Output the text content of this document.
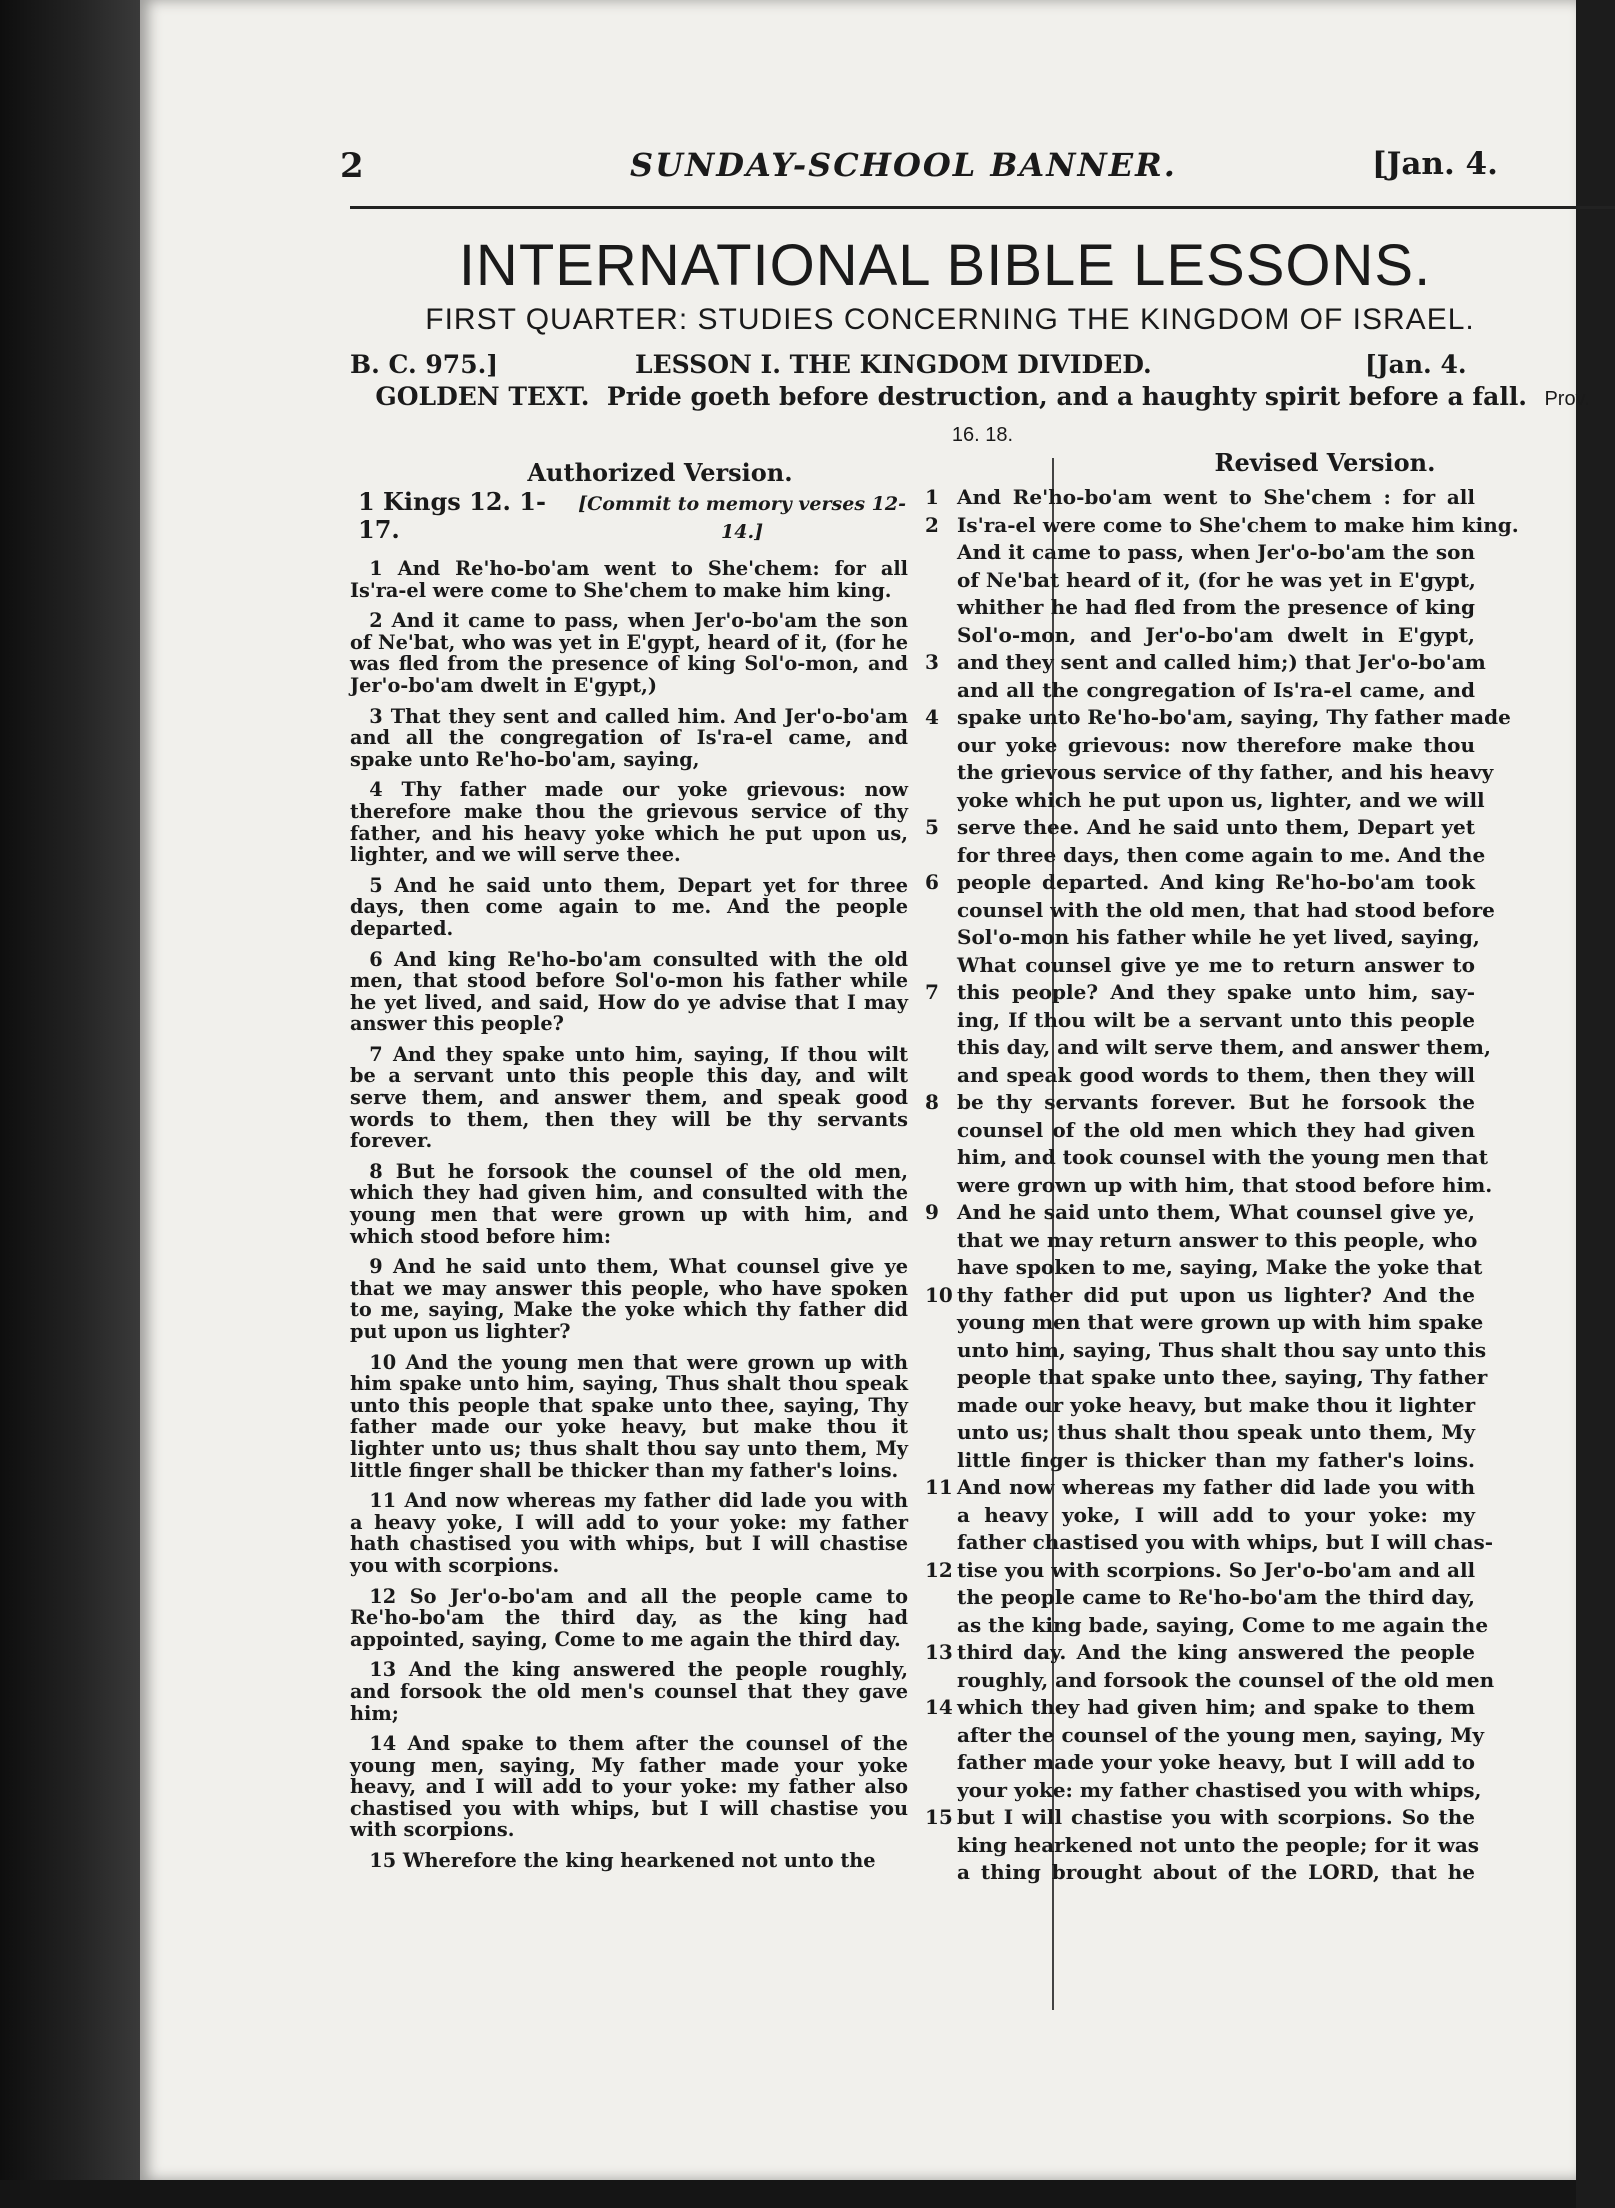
2	SUNDAY-SCHOOL BANNER.	[Jan. 4.
INTERNATIONAL BIBLE LESSONS.
FIRST QUARTER: STUDIES CONCERNING THE KINGDOM OF ISRAEL.
B. C. 975.]	LESSON I. THE KINGDOM DIVIDED.	[Jan. 4.
GOLDEN TEXT. Pride goeth before destruction, and a haughty spirit before a fall. Prov. 16. 18.
Authorized Version.	Revised Version.
1 Kings 12. 1-17.
[Commit to memory verses 12-14.]

 1 And Re'ho-bo'am went to She'chem: for all Is'ra-el were come to She'chem to make him king.

 2 And it came to pass, when Jer'o-bo'am the son of Ne'bat, who was yet in E'gypt, heard of it, (for he was fled from the presence of king Sol'o-mon, and Jer'o-bo'am dwelt in E'gypt,)

 3 That they sent and called him. And Jer'o-bo'am and all the congregation of Is'ra-el came, and spake unto Re'ho-bo'am, saying,

 4 Thy father made our yoke grievous: now therefore make thou the grievous service of thy father, and his heavy yoke which he put upon us, lighter, and we will serve thee.

 5 And he said unto them, Depart yet for three days, then come again to me. And the people departed.

 6 And king Re'ho-bo'am consulted with the old men, that stood before Sol'o-mon his father while he yet lived, and said, How do ye advise that I may answer this people?

 7 And they spake unto him, saying, If thou wilt be a servant unto this people this day, and wilt serve them, and answer them, and speak good words to them, then they will be thy servants forever.

 8 But he forsook the counsel of the old men, which they had given him, and consulted with the young men that were grown up with him, and which stood before him:

 9 And he said unto them, What counsel give ye that we may answer this people, who have spoken to me, saying, Make the yoke which thy father did put upon us lighter?

 10 And the young men that were grown up with him spake unto him, saying, Thus shalt thou speak unto this people that spake unto thee, saying, Thy father made our yoke heavy, but make thou it lighter unto us; thus shalt thou say unto them, My little finger shall be thicker than my father's loins.

 11 And now whereas my father did lade you with a heavy yoke, I will add to your yoke: my father hath chastised you with whips, but I will chastise you with scorpions.

 12 So Jer'o-bo'am and all the people came to Re'ho-bo'am the third day, as the king had appointed, saying, Come to me again the third day.

 13 And the king answered the people roughly, and forsook the old men's counsel that they gave him;

 14 And spake to them after the counsel of the young men, saying, My father made your yoke heavy, and I will add to your yoke: my father also chastised you with whips, but I will chastise you with scorpions.

 15 Wherefore the king hearkened not unto the

1 And Re'ho-bo'am went to She'chem : for all
2 Is'ra-el were come to She'chem to make him king.
And it came to pass, when Jer'o-bo'am the son
of Ne'bat heard of it, (for he was yet in E'gypt,
whither he had fled from the presence of king
Sol'o-mon, and Jer'o-bo'am dwelt in E'gypt,
3 and they sent and called him;) that Jer'o-bo'am
and all the congregation of Is'ra-el came, and
4 spake unto Re'ho-bo'am, saying, Thy father made
our yoke grievous: now therefore make thou
the grievous service of thy father, and his heavy
yoke which he put upon us, lighter, and we will
5 serve thee. And he said unto them, Depart yet
for three days, then come again to me. And the
6 people departed. And king Re'ho-bo'am took
counsel with the old men, that had stood before
Sol'o-mon his father while he yet lived, saying,
What counsel give ye me to return answer to
7 this people? And they spake unto him, say-
ing, If thou wilt be a servant unto this people
this day, and wilt serve them, and answer them,
and speak good words to them, then they will
8 be thy servants forever. But he forsook the
counsel of the old men which they had given
him, and took counsel with the young men that
were grown up with him, that stood before him.
9 And he said unto them, What counsel give ye,
that we may return answer to this people, who
have spoken to me, saying, Make the yoke that
10 thy father did put upon us lighter? And the
young men that were grown up with him spake
unto him, saying, Thus shalt thou say unto this
people that spake unto thee, saying, Thy father
made our yoke heavy, but make thou it lighter
unto us; thus shalt thou speak unto them, My
little finger is thicker than my father's loins.
11 And now whereas my father did lade you with
a heavy yoke, I will add to your yoke: my
father chastised you with whips, but I will chas-
12 tise you with scorpions. So Jer'o-bo'am and all
the people came to Re'ho-bo'am the third day,
as the king bade, saying, Come to me again the
13 third day. And the king answered the people
roughly, and forsook the counsel of the old men
14 which they had given him; and spake to them
after the counsel of the young men, saying, My
father made your yoke heavy, but I will add to
your yoke: my father chastised you with whips,
15 but I will chastise you with scorpions. So the
king hearkened not unto the people; for it was
a thing brought about of the LORD, that he
